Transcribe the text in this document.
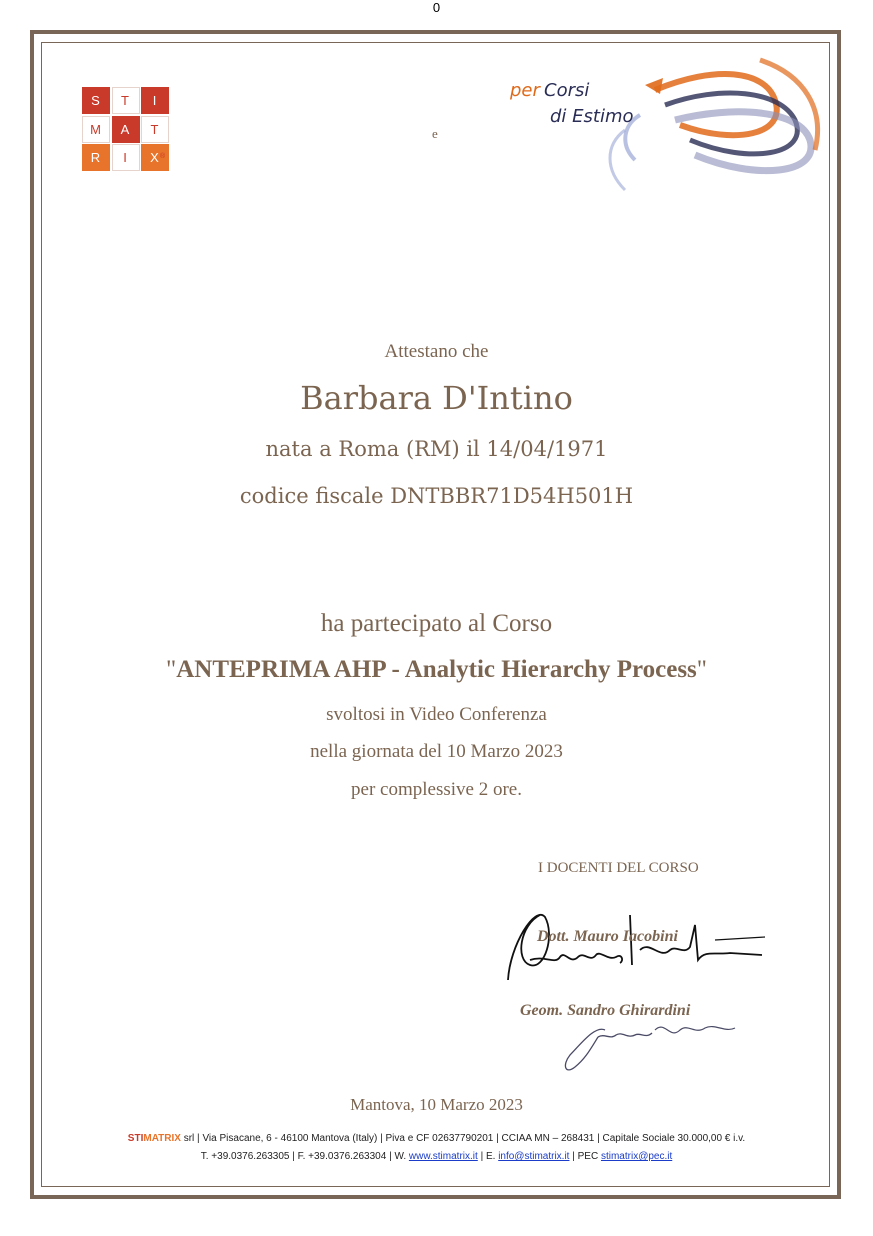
0
S	T	I
M	A	T
R	I	X ®
e
per Corsi
di Estimo
Attestano che
Barbara D'Intino
nata a Roma (RM) il 14/04/1971
codice fiscale DNTBBR71D54H501H
ha partecipato al Corso
"ANTEPRIMA AHP - Analytic Hierarchy Process"
svoltosi in Video Conferenza
nella giornata del 10 Marzo 2023
per complessive 2 ore.
I DOCENTI DEL CORSO
Dott. Mauro Iacobini
Geom. Sandro Ghirardini
Mantova, 10 Marzo 2023
STIMATRIX srl | Via Pisacane, 6 - 46100 Mantova (Italy) | Piva e CF 02637790201 | CCIAA MN – 268431 | Capitale Sociale 30.000,00 € i.v.
T. +39.0376.263305 | F. +39.0376.263304 | W. www.stimatrix.it | E. info@stimatrix.it | PEC stimatrix@pec.it
